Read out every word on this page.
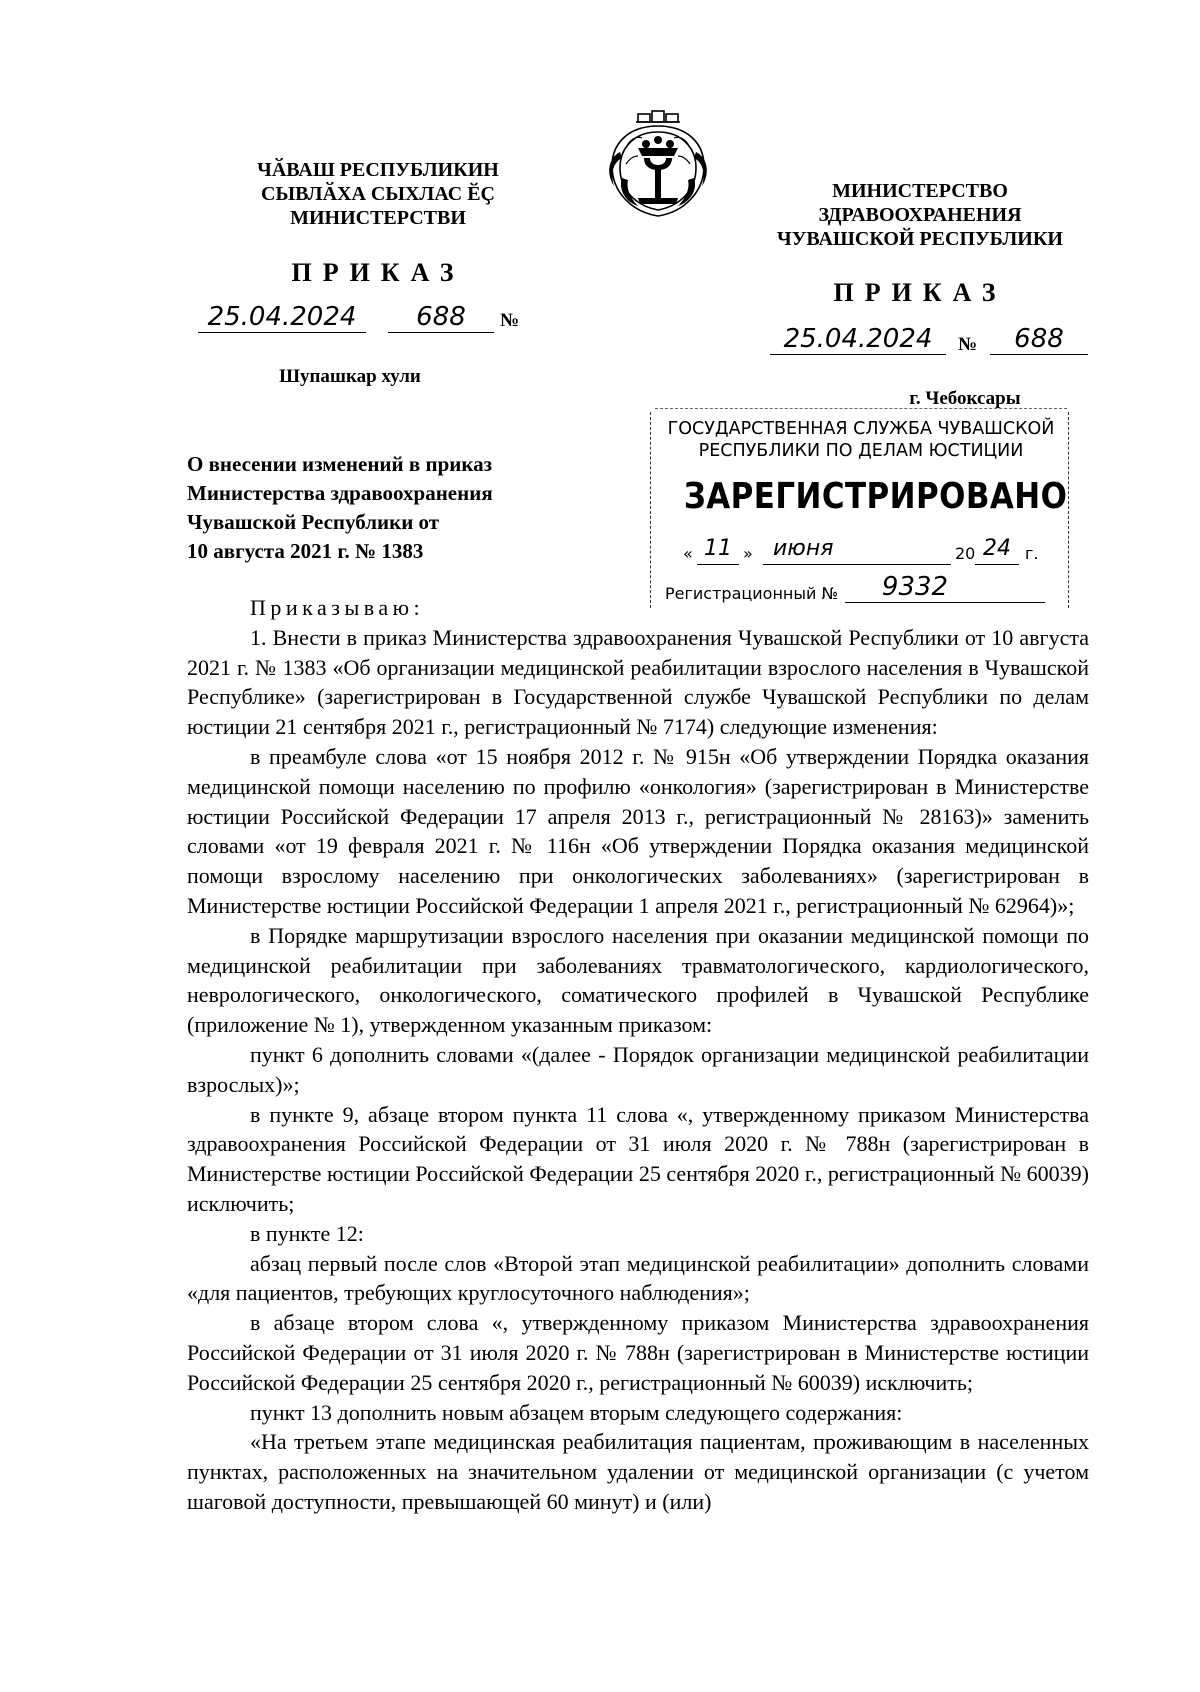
ЧӐВАШ РЕСПУБЛИКИН
СЫВЛӐХА СЫХЛАС ӖҪ
МИНИСТЕРСТВИ
ПРИКАЗ
25.04.2024	688	№
Шупашкар хули
МИНИСТЕРСТВО
ЗДРАВООХРАНЕНИЯ
ЧУВАШСКОЙ РЕСПУБЛИКИ
ПРИКАЗ
25.04.2024	№	688
г. Чебоксары
ГОСУДАРСТВЕННАЯ СЛУЖБА ЧУВАШСКОЙ
РЕСПУБЛИКИ ПО ДЕЛАМ ЮСТИЦИИ
ЗАРЕГИСТРИРОВАНО
« 11 » июня	20 24 г.
Регистрационный №	9332
О внесении изменений в приказ
Министерства здравоохранения
Чувашской Республики от
10 августа 2021 г. № 1383

Приказываю:

1. Внести в приказ Министерства здравоохранения Чувашской Республики от 10 августа 2021 г. № 1383 «Об организации медицинской реабилитации взрослого населения в Чувашской Республике» (зарегистрирован в Государственной службе Чувашской Республики по делам юстиции 21 сентября 2021 г., регистрационный № 7174) следующие изменения:

в преамбуле слова «от 15 ноября 2012 г. № 915н «Об утверждении Порядка оказания медицинской помощи населению по профилю «онкология» (зарегистрирован в Министерстве юстиции Российской Федерации 17 апреля 2013 г., регистрационный № 28163)» заменить словами «от 19 февраля 2021 г. № 116н «Об утверждении Порядка оказания медицинской помощи взрослому населению при онкологических заболеваниях» (зарегистрирован в Министерстве юстиции Российской Федерации 1 апреля 2021 г., регистрационный № 62964)»;

в Порядке маршрутизации взрослого населения при оказании медицинской помощи по медицинской реабилитации при заболеваниях травматологического, кардиологического, неврологического, онкологического, соматического профилей в Чувашской Республике (приложение № 1), утвержденном указанным приказом:

пункт 6 дополнить словами «(далее - Порядок организации медицинской реабилитации взрослых)»;

в пункте 9, абзаце втором пункта 11 слова «, утвержденному приказом Министерства здравоохранения Российской Федерации от 31 июля 2020 г. № 788н (зарегистрирован в Министерстве юстиции Российской Федерации 25 сентября 2020 г., регистрационный № 60039) исключить;

в пункте 12:

абзац первый после слов «Второй этап медицинской реабилитации» дополнить словами «для пациентов, требующих круглосуточного наблюдения»;

в абзаце втором слова «, утвержденному приказом Министерства здравоохранения Российской Федерации от 31 июля 2020 г. № 788н (зарегистрирован в Министерстве юстиции Российской Федерации 25 сентября 2020 г., регистрационный № 60039) исключить;

пункт 13 дополнить новым абзацем вторым следующего содержания:

«На третьем этапе медицинская реабилитация пациентам, проживающим в населенных пунктах, расположенных на значительном удалении от медицинской организации (с учетом шаговой доступности, превышающей 60 минут) и (или)
